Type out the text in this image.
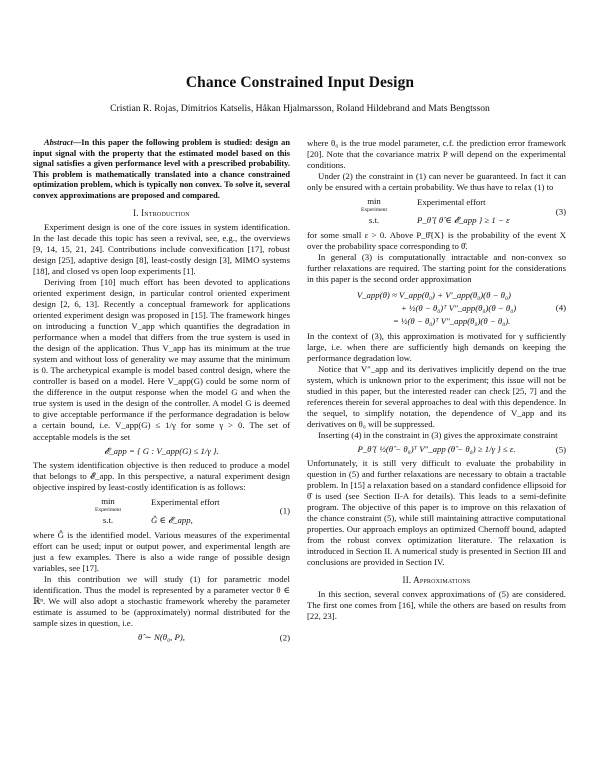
Chance Constrained Input Design
Cristian R. Rojas, Dimitrios Katselis, Håkan Hjalmarsson, Roland Hildebrand and Mats Bengtsson

Abstract—In this paper the following problem is studied: design an input signal with the property that the estimated model based on this signal satisfies a given performance level with a prescribed probability. This problem is mathematically translated into a chance constrained optimization problem, which is typically non convex. To solve it, several convex approximations are proposed and compared.

I. Introduction

Experiment design is one of the core issues in system identification. In the last decade this topic has seen a revival, see, e.g., the overviews [9, 14, 15, 21, 24]. Contributions include convexification [17], robust design [25], adaptive design [8], least-costly design [3], MIMO systems [18], and closed vs open loop experiments [1].

Deriving from [10] much effort has been devoted to applications oriented experiment design, in particular control oriented experiment design [2, 6, 13]. Recently a conceptual framework for applications oriented experiment design was proposed in [15]. The framework hinges on introducing a function V_app which quantifies the degradation in performance when a model that differs from the true system is used in the design of the application. Thus V_app has its minimum at the true system and without loss of generality we may assume that the minimum is 0. The archetypical example is model based control design, where the controller is based on a model. Here V_app(G) could be some norm of the difference in the output response when the model G and when the true system is used in the design of the controller. A model G is deemed to give acceptable performance if the performance degradation is below a certain bound, i.e. V_app(G) ≤ 1/γ for some γ > 0. The set of acceptable models is the set

𝓔_app = { G : V_app(G) ≤ 1/γ }.

The system identification objective is then reduced to produce a model that belongs to 𝓔_app. In this perspective, a natural experiment design objective inspired by least-costly identification is as follows:

min
Experiment
Experimental effort
s.t.	Ĝ ∈ 𝓔_app,
(1)

where Ĝ is the identified model. Various measures of the experimental effort can be used; input or output power, and experimental length are just a few examples. There is also a wide range of possible design variables, see [17].

In this contribution we will study (1) for parametric model identification. Thus the model is represented by a parameter vector θ ∈ ℝⁿ. We will also adopt a stochastic framework whereby the parameter estimate is assumed to be (approximately) normal distributed for the sample sizes in question, i.e.

θ̂ ∼ N(θ₀, P),	(2)

where θ₀ is the true model parameter, c.f. the prediction error framework [20]. Note that the covariance matrix P will depend on the experimental conditions.

Under (2) the constraint in (1) can never be guaranteed. In fact it can only be ensured with a certain probability. We thus have to relax (1) to

min
Experiment
Experimental effort
s.t.	P_θ̂ { θ̂ ∈ 𝓔_app } ≥ 1 − ε
(3)

for some small ε > 0. Above P_θ̂{X} is the probability of the event X over the probability space corresponding to θ̂.

In general (3) is computationally intractable and non-convex so further relaxations are required. The starting point for the considerations in this paper is the second order approximation

V_app(θ) ≈ V_app(θ₀) + V′_app(θ₀)(θ − θ₀)
+ ½(θ − θ₀)ᵀ V″_app(θ₀)(θ − θ₀)
= ½(θ − θ₀)ᵀ V″_app(θ₀)(θ − θ₀).
(4)

In the context of (3), this approximation is motivated for γ sufficiently large, i.e. when there are sufficiently high demands on keeping the performance degradation low.

Notice that V″_app and its derivatives implicitly depend on the true system, which is unknown prior to the experiment; this issue will not be studied in this paper, but the interested reader can check [25, 7] and the references therein for several approaches to deal with this dependence. In the sequel, to simplify notation, the dependence of V_app and its derivatives on θ₀ will be suppressed.

Inserting (4) in the constraint in (3) gives the approximate constraint

P_θ̂ { ½(θ̂ − θ₀)ᵀ V″_app (θ̂ − θ₀) ≥ 1/γ } ≤ ε.	(5)

Unfortunately, it is still very difficult to evaluate the probability in question in (5) and further relaxations are necessary to obtain a tractable problem. In [15] a relaxation based on a standard confidence ellipsoid for θ̂ is used (see Section II-A for details). This leads to a semi-definite program. The objective of this paper is to improve on this relaxation of the chance constraint (5), while still maintaining attractive computational properties. Our approach employs an optimized Chernoff bound, adapted from the robust convex optimization literature. The relaxation is introduced in Section II. A numerical study is presented in Section III and conclusions are provided in Section IV.

II. Approximations

In this section, several convex approximations of (5) are considered. The first one comes from [16], while the others are based on results from [22, 23].
